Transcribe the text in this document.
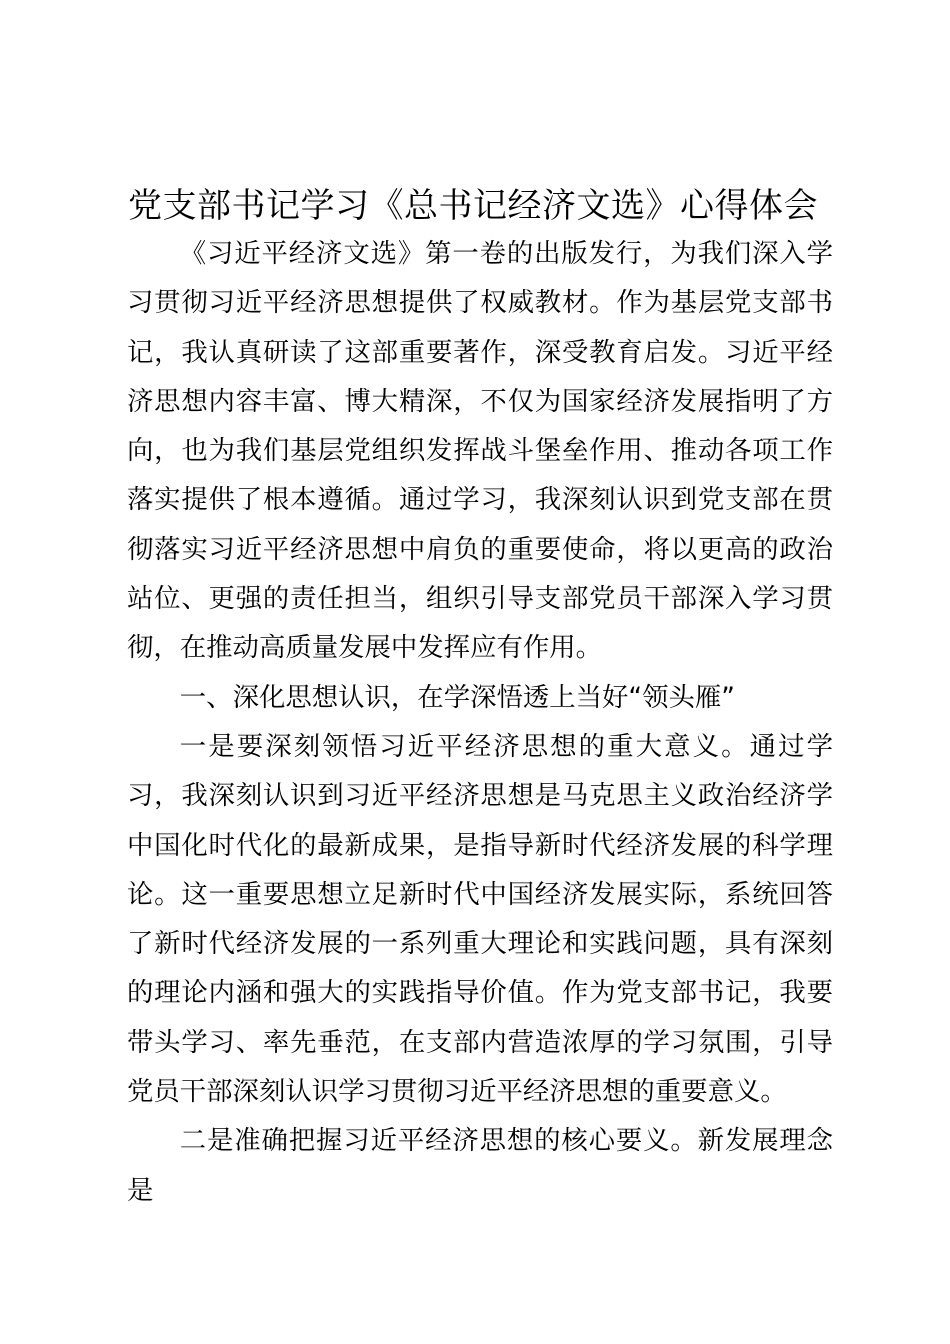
党支部书记学习《总书记经济文选》心得体会

《习近平经济文选》第一卷的出版发行，为我们深入学习贯彻习近平经济思想提供了权威教材。作为基层党支部书记，我认真研读了这部重要著作，深受教育启发。习近平经济思想内容丰富、博大精深，不仅为国家经济发展指明了方向，也为我们基层党组织发挥战斗堡垒作用、推动各项工作落实提供了根本遵循。通过学习，我深刻认识到党支部在贯彻落实习近平经济思想中肩负的重要使命，将以更高的政治站位、更强的责任担当，组织引导支部党员干部深入学习贯彻，在推动高质量发展中发挥应有作用。

一、深化思想认识，在学深悟透上当好“领头雁”

一是要深刻领悟习近平经济思想的重大意义。通过学习，我深刻认识到习近平经济思想是马克思主义政治经济学中国化时代化的最新成果，是指导新时代经济发展的科学理论。这一重要思想立足新时代中国经济发展实际，系统回答了新时代经济发展的一系列重大理论和实践问题，具有深刻的理论内涵和强大的实践指导价值。作为党支部书记，我要带头学习、率先垂范，在支部内营造浓厚的学习氛围，引导党员干部深刻认识学习贯彻习近平经济思想的重要意义。

二是准确把握习近平经济思想的核心要义。新发展理念是
